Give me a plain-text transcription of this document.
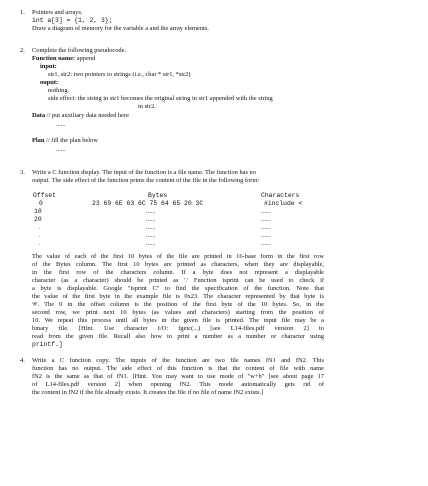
1. Pointers and arrays.
int a[3] = {1, 2, 3};
Draw a diagram of memory for the variable a and the array elements.
2. Complete the following pseudocode.
Function name: append
input:
str1, str2: two pointers to strings (i.e., char * str1, *str2)
ouput:
nothing.
side effect: the string in str1 becomes the original string in str1 appended with the string
in str2.
Data // put auxiliary data needed here
......
Plan // fill the plan below
......
3. Write a C function display. The input of the function is a file name. The function has no
output. The side effect of the function prints the content of the file in the following form:
Offset	Bytes	Characters
0	23 69 6E 63 6C 75 64 65 20 3C	#include <
10	......	......
20	......	......
.	......	......
.	......	......
.	......	......
The value of each of the first 10 bytes of the file are printed in 16-base form in the first row
of the Bytes column. The first 10 bytes are printed as characters, when they are displayable,
in the first row of the characters column. If a byte does not represent a displayable
character (as a character) should be printed as '.' Function isprint can be used to check if
a byte is displayable. Google "isprint C" to find the specification of the function. Note that
the value of the first byte in the example file is 0x23. The character represented by that byte is
'#'. The 0 in the offset column is the position of the first byte of the 10 bytes. So, in the
second row, we print next 10 bytes (as values and characters) starting from the position of
10. We repeat this process until all bytes in the given file is printed. The input file may be a
binary file. [Hint. Use character I/O: fgetc(...) [see L14-files.pdf version 2] to
read from the given file. Recall also how to print a number as a number or character using
printf.]
4. Write a C function copy. The inputs of the function are two file names fN1 and fN2. This
function has no output. The side effect of this function is that the content of file with name
fN2 is the same as that of fN1. [Hint. You may want to use mode of "w+b" [see about page 17
of L14-files.pdf version 2] when opening fN2. This mode automatically gets rid of
the content in fN2 if the file already exists. It creates the file if no file of name fN2 exists.]
